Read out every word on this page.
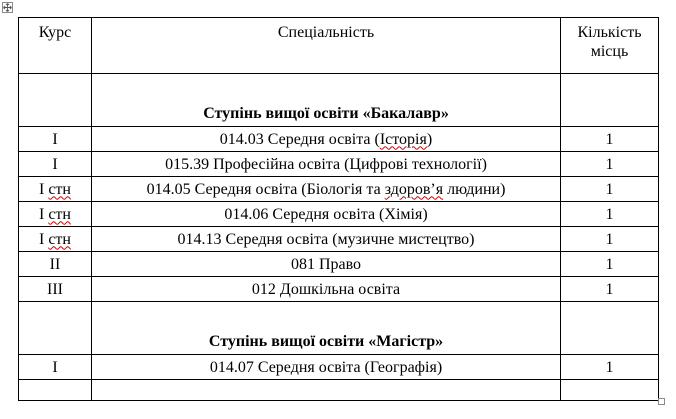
Курс	Спеціальність	Кількість
місць
	Ступінь вищої освіти «Бакалавр»	
I	014.03 Середня освіта (Історія)	1
I	015.39 Професійна освіта (Цифрові технології)	1
I стн	014.05 Середня освіта (Біологія та здоров’я людини)	1
I стн	014.06 Середня освіта (Хімія)	1
I стн	014.13 Середня освіта (музичне мистецтво)	1
II	081 Право	1
III	012 Дошкільна освіта	1
	Ступінь вищої освіти «Магістр»	
I	014.07 Середня освіта (Географія)	1
